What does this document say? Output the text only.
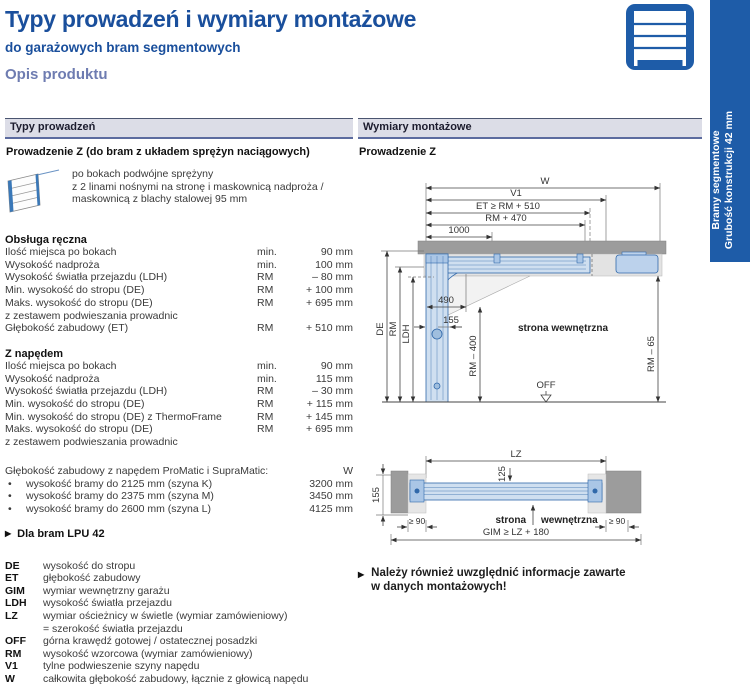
Typy prowadzeń i wymiary montażowe
do garażowych bram segmentowych
Opis produktu
Bramy segmentowe Grubość konstrukcji 42 mm
Typy prowadzeń
Prowadzenie Z (do bram z układem sprężyn naciągowych)
po bokach podwójne sprężyny
z 2 linami nośnymi na stronę i maskownicą nadproża /
maskownicą z blachy stalowej 95 mm
Obsługa ręczna
Ilość miejsca po bokach	min.	90 mm
Wysokość nadproża	min.	100 mm
Wysokość światła przejazdu (LDH)	RM	– 80 mm
Min. wysokość do stropu (DE)	RM	+ 100 mm
Maks. wysokość do stropu (DE)	RM	+ 695 mm
z zestawem podwieszania prowadnic
Głębokość zabudowy (ET)	RM	+ 510 mm
Z napędem
Ilość miejsca po bokach	min.	90 mm
Wysokość nadproża	min.	115 mm
Wysokość światła przejazdu (LDH)	RM	– 30 mm
Min. wysokość do stropu (DE)	RM	+ 115 mm
Min. wysokość do stropu (DE) z ThermoFrame	RM	+ 145 mm
Maks. wysokość do stropu (DE)	RM	+ 695 mm
z zestawem podwieszania prowadnic
Głębokość zabudowy z napędem ProMatic i SupraMatic:	W
•	wysokość bramy do 2125 mm (szyna K)	3200 mm
•	wysokość bramy do 2375 mm (szyna M)	3450 mm
•	wysokość bramy do 2600 mm (szyna L)	4125 mm
▶ Dla bram LPU 42
DE	wysokość do stropu
ET	głębokość zabudowy
GIM	wymiar wewnętrzny garażu
LDH	wysokość światła przejazdu
LZ	wymiar ościeżnicy w świetle (wymiar zamówieniowy)
= szerokość światła przejazdu
OFF	górna krawędź gotowej / ostatecznej posadzki
RM	wysokość wzorcowa (wymiar zamówieniowy)
V1	tylne podwieszenie szyny napędu
W	całkowita głębokość zabudowy, łącznie z głowicą napędu
Wymiary montażowe
Prowadzenie Z
W
V1
ET ≥ RM + 510
RM + 470
1000
DE RM LDH
490
155
RM – 400
strona wewnętrzna
RM – 65
OFF
LZ
125
155
≥ 90	≥ 90
strona wewnętrzna
GIM ≥ LZ + 180
▶ Należy również uwzględnić informacje zawarte
w danych montażowych!
